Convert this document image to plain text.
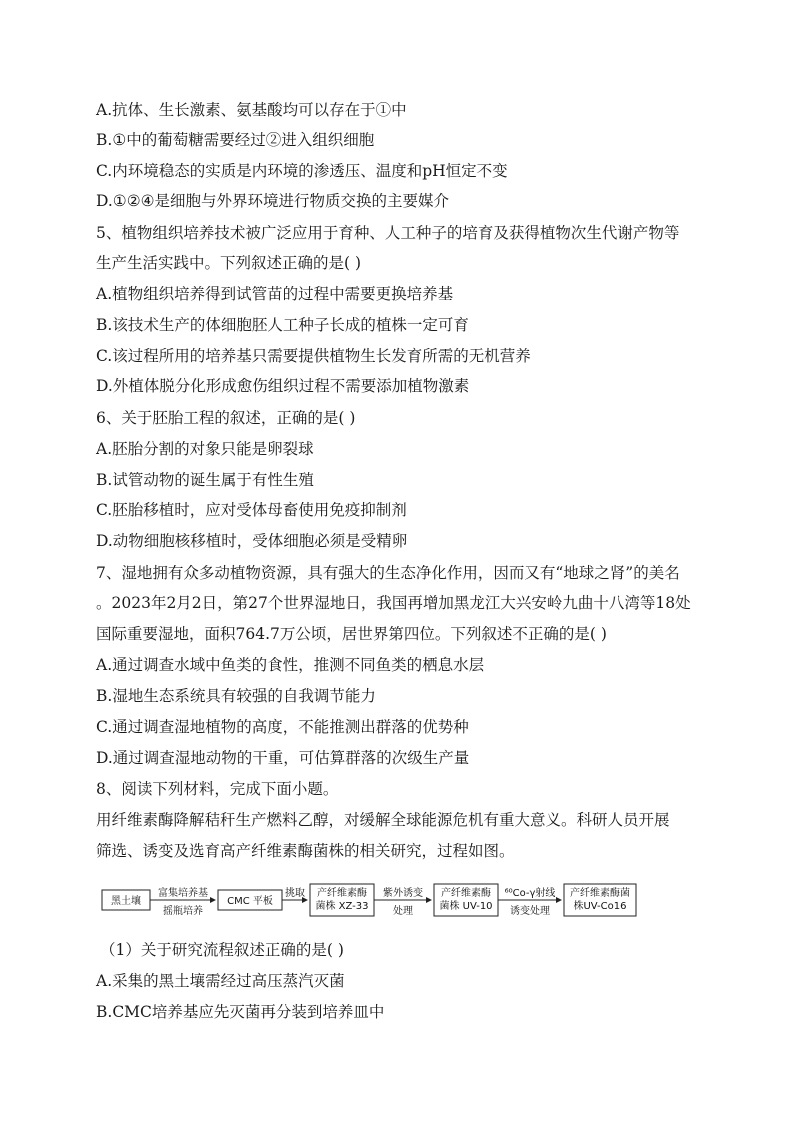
A.抗体、生长激素、氨基酸均可以存在于①中
B.①中的葡萄糖需要经过②进入组织细胞
C.内环境稳态的实质是内环境的渗透压、温度和pH恒定不变
D.①②④是细胞与外界环境进行物质交换的主要媒介
5、植物组织培养技术被广泛应用于育种、人工种子的培育及获得植物次生代谢产物等
生产生活实践中。下列叙述正确的是( )
A.植物组织培养得到试管苗的过程中需要更换培养基
B.该技术生产的体细胞胚人工种子长成的植株一定可育
C.该过程所用的培养基只需要提供植物生长发育所需的无机营养
D.外植体脱分化形成愈伤组织过程不需要添加植物激素
6、关于胚胎工程的叙述，正确的是( )
A.胚胎分割的对象只能是卵裂球
B.试管动物的诞生属于有性生殖
C.胚胎移植时，应对受体母畜使用免疫抑制剂
D.动物细胞核移植时，受体细胞必须是受精卵
7、湿地拥有众多动植物资源，具有强大的生态净化作用，因而又有“地球之肾”的美名
。2023年2月2日，第27个世界湿地日，我国再增加黑龙江大兴安岭九曲十八湾等18处
国际重要湿地，面积764.7万公顷，居世界第四位。下列叙述不正确的是( )
A.通过调查水域中鱼类的食性，推测不同鱼类的栖息水层
B.湿地生态系统具有较强的自我调节能力
C.通过调查湿地植物的高度，不能推测出群落的优势种
D.通过调查湿地动物的干重，可估算群落的次级生产量
8、阅读下列材料，完成下面小题。
用纤维素酶降解秸秆生产燃料乙醇，对缓解全球能源危机有重大意义。科研人员开展
筛选、诱变及选育高产纤维素酶菌株的相关研究，过程如图。
黑土壤	CMC 平板
产纤维素酶
菌株 XZ-33
产纤维素酶
菌株 UV-10
产纤维素酶菌
株UV-Co16
富集培养基
摇瓶培养
挑取	紫外诱变
处理
⁶⁰Co-γ射线
诱变处理
（1）关于研究流程叙述正确的是( )
A.采集的黑土壤需经过高压蒸汽灭菌
B.CMC培养基应先灭菌再分装到培养皿中
